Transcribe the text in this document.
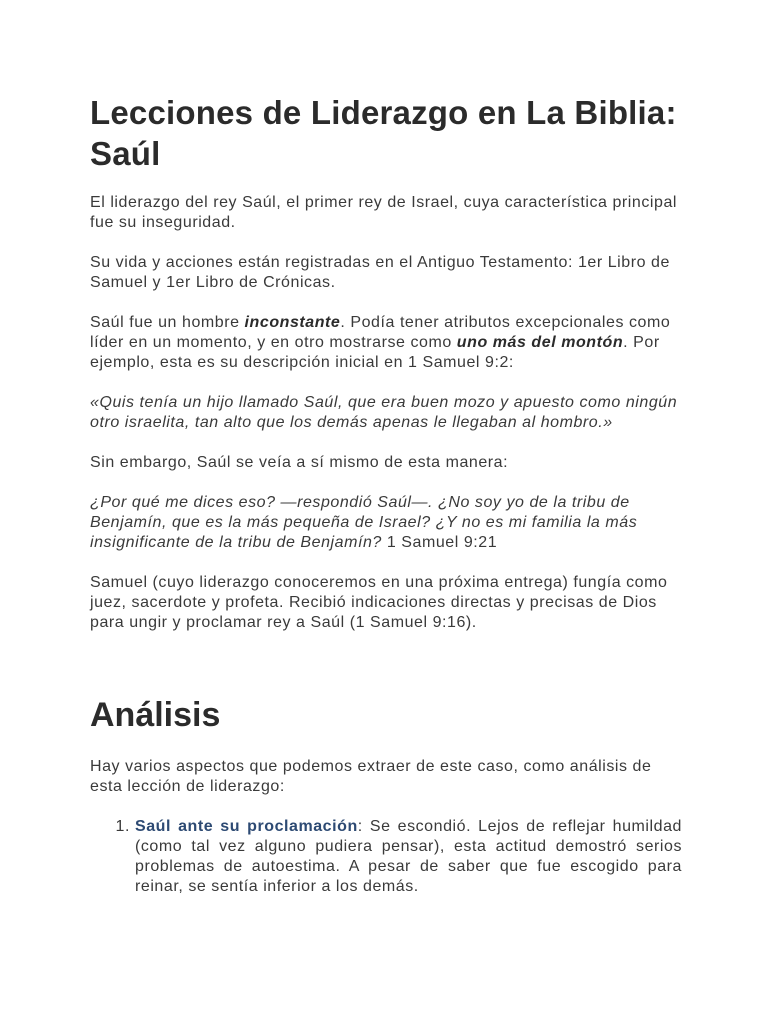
Lecciones de Liderazgo en La Biblia: Saúl

El liderazgo del rey Saúl, el primer rey de Israel, cuya característica principal fue su inseguridad.

Su vida y acciones están registradas en el Antiguo Testamento: 1er Libro de Samuel y 1er Libro de Crónicas.

Saúl fue un hombre inconstante. Podía tener atributos excepcionales como líder en un momento, y en otro mostrarse como uno más del montón. Por ejemplo, esta es su descripción inicial en 1 Samuel 9:2:

«Quis tenía un hijo llamado Saúl, que era buen mozo y apuesto como ningún otro israelita, tan alto que los demás apenas le llegaban al hombro.»

Sin embargo, Saúl se veía a sí mismo de esta manera:

¿Por qué me dices eso? —respondió Saúl—. ¿No soy yo de la tribu de Benjamín, que es la más pequeña de Israel? ¿Y no es mi familia la más insignificante de la tribu de Benjamín? 1 Samuel 9:21

Samuel (cuyo liderazgo conoceremos en una próxima entrega) fungía como juez, sacerdote y profeta. Recibió indicaciones directas y precisas de Dios para ungir y proclamar rey a Saúl (1 Samuel 9:16).

Análisis

Hay varios aspectos que podemos extraer de este caso, como análisis de esta lección de liderazgo:

1. Saúl ante su proclamación: Se escondió. Lejos de reflejar humildad (como tal vez alguno pudiera pensar), esta actitud demostró serios problemas de autoestima. A pesar de saber que fue escogido para reinar, se sentía inferior a los demás.
